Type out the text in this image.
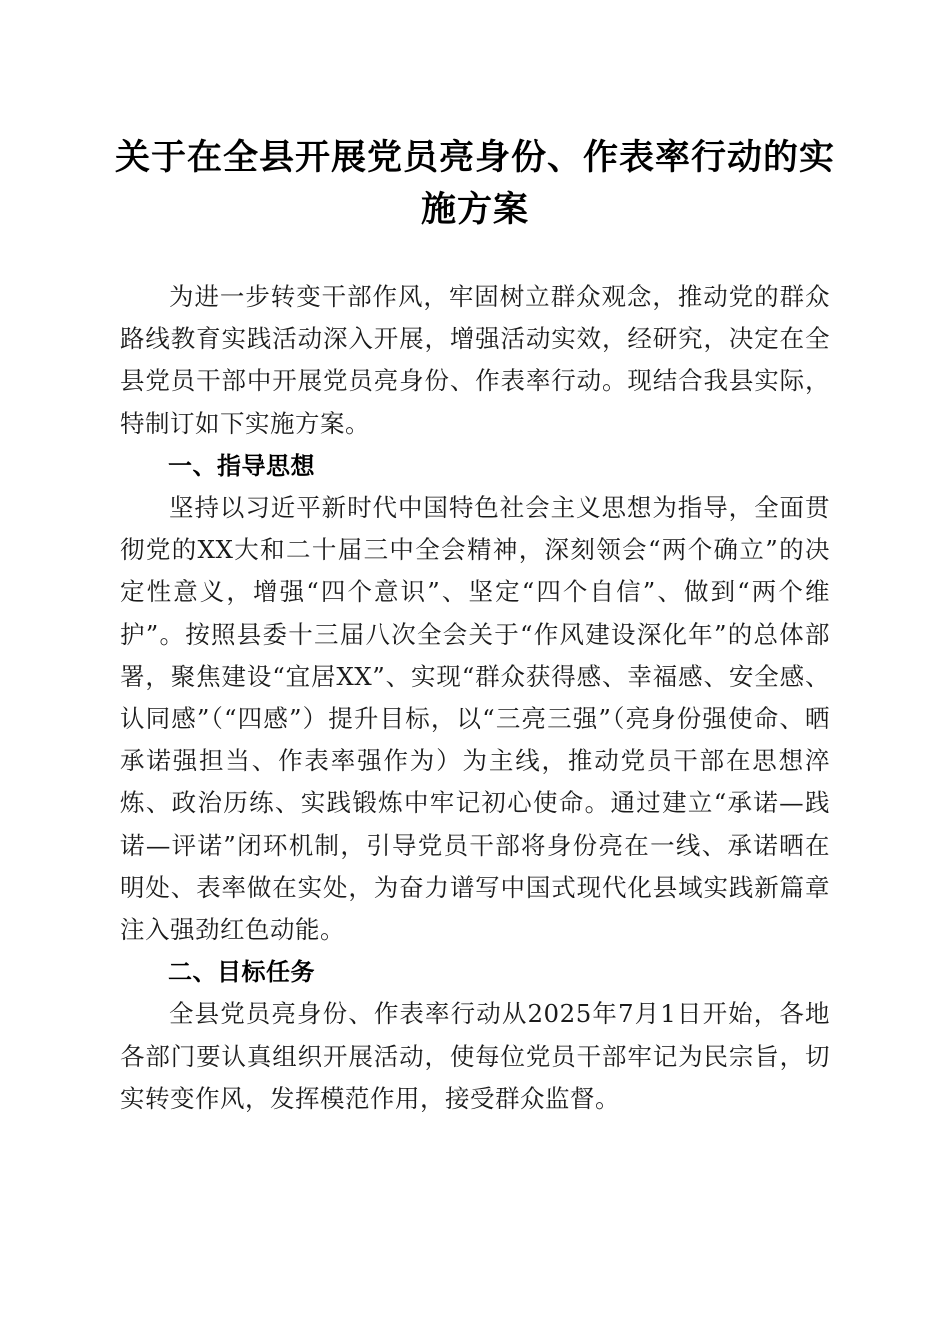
关于在全县开展党员亮身份、作表率行动的实施方案

为进一步转变干部作风，牢固树立群众观念，推动党的群众路线教育实践活动深入开展，增强活动实效，经研究，决定在全县党员干部中开展党员亮身份、作表率行动。现结合我县实际，特制订如下实施方案。

一、指导思想

坚持以习近平新时代中国特色社会主义思想为指导，全面贯彻党的XX大和二十届三中全会精神，深刻领会“两个确立”的决定性意义，增强“四个意识”、坚定“四个自信”、做到“两个维护”。按照县委十三届八次全会关于“作风建设深化年”的总体部署，聚焦建设“宜居XX”、实现“群众获得感、幸福感、安全感、认同感”（“四感”）提升目标，以“三亮三强”（亮身份强使命、晒承诺强担当、作表率强作为）为主线，推动党员干部在思想淬炼、政治历练、实践锻炼中牢记初心使命。通过建立“承诺—践诺—评诺”闭环机制，引导党员干部将身份亮在一线、承诺晒在明处、表率做在实处，为奋力谱写中国式现代化县域实践新篇章注入强劲红色动能。

二、目标任务

全县党员亮身份、作表率行动从2025年7月1日开始，各地各部门要认真组织开展活动，使每位党员干部牢记为民宗旨，切实转变作风，发挥模范作用，接受群众监督。
